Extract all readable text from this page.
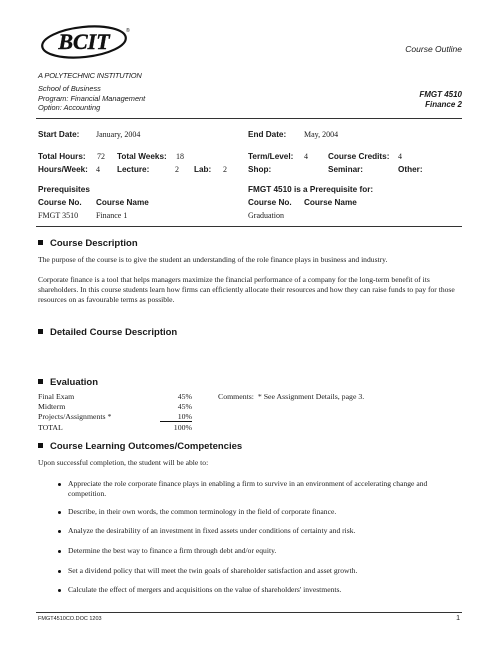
BCIT	®
A POLYTECHNIC INSTITUTION
Course Outline
School of Business
Program: Financial Management
Option: Accounting
FMGT 4510
Finance 2
Start Date: January, 2004	End Date: May, 2004
Total Hours: 72 Total Weeks: 18	Term/Level: 4 Course Credits: 4
Hours/Week: 4 Lecture:	2 Lab: 2	Shop:	Seminar:	Other:
Prerequisites
Course No. Course Name
FMGT 3510 Finance 1
FMGT 4510 is a Prerequisite for:
Course No. Course Name
Graduation
Course Description
The purpose of the course is to give the student an understanding of the role finance plays in business and industry.
Corporate finance is a tool that helps managers maximize the financial performance of a company for the long-term benefit of its shareholders. In this course students learn how firms can efficiently allocate their resources and how they can raise funds to pay for those resources on as favourable terms as possible.
Detailed Course Description
Evaluation
Final Exam	45%
Midterm	45%
Projects/Assignments *	10%
TOTAL	100%
Comments: * See Assignment Details, page 3.
Course Learning Outcomes/Competencies
Upon successful completion, the student will be able to:
Appreciate the role corporate finance plays in enabling a firm to survive in an environment of accelerating change and competition.
Describe, in their own words, the common terminology in the field of corporate finance.
Analyze the desirability of an investment in fixed assets under conditions of certainty and risk.
Determine the best way to finance a firm through debt and/or equity.
Set a dividend policy that will meet the twin goals of shareholder satisfaction and asset growth.
Calculate the effect of mergers and acquisitions on the value of shareholders' investments.
FMGT4510CO.DOC 1203	1
